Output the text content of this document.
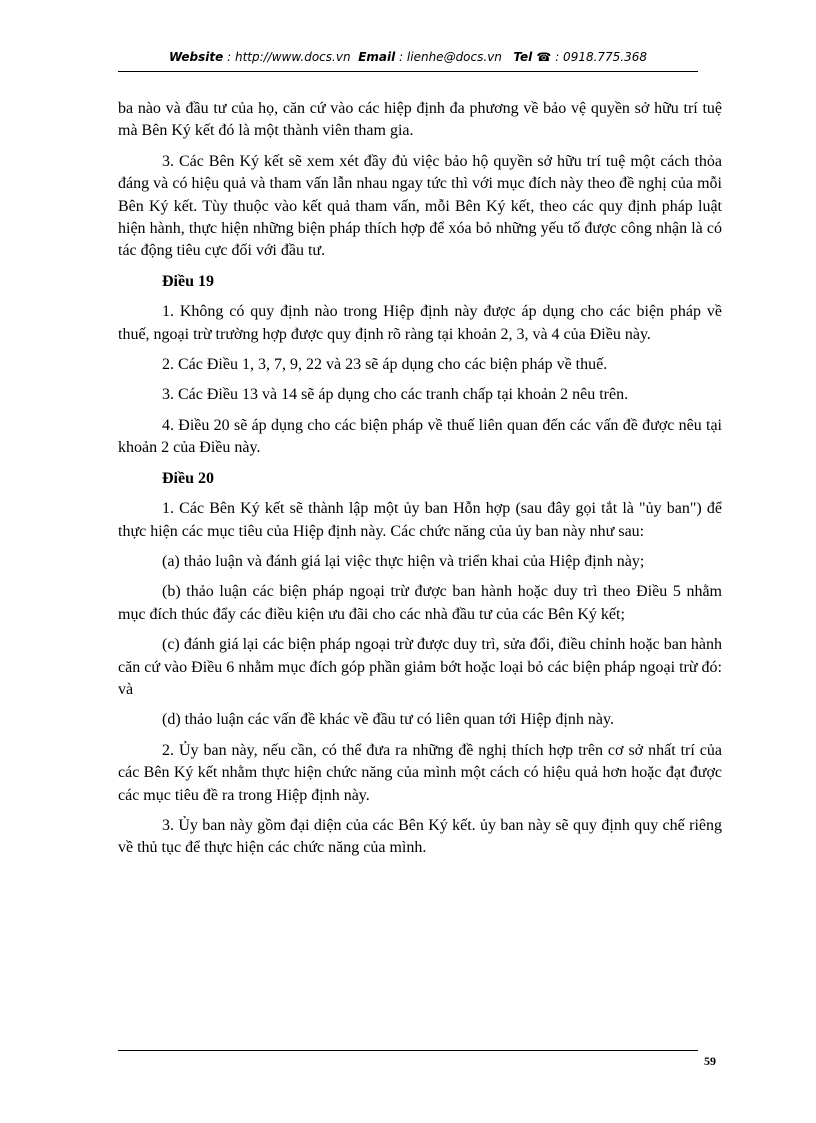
Website : http://www.docs.vn Email : lienhe@docs.vn Tel ☎ : 0918.775.368

ba nào và đầu tư của họ, căn cứ vào các hiệp định đa phương về bảo vệ quyền sở hữu trí tuệ mà Bên Ký kết đó là một thành viên tham gia.

3. Các Bên Ký kết sẽ xem xét đầy đủ việc bảo hộ quyền sở hữu trí tuệ một cách thỏa đáng và có hiệu quả và tham vấn lẫn nhau ngay tức thì với mục đích này theo đề nghị của mỗi Bên Ký kết. Tùy thuộc vào kết quả tham vấn, mỗi Bên Ký kết, theo các quy định pháp luật hiện hành, thực hiện những biện pháp thích hợp để xóa bỏ những yếu tố được công nhận là có tác động tiêu cực đối với đầu tư.

Điều 19

1. Không có quy định nào trong Hiệp định này được áp dụng cho các biện pháp về thuế, ngoại trừ trường hợp được quy định rõ ràng tại khoản 2, 3, và 4 của Điều này.

2. Các Điều 1, 3, 7, 9, 22 và 23 sẽ áp dụng cho các biện pháp về thuế.

3. Các Điều 13 và 14 sẽ áp dụng cho các tranh chấp tại khoản 2 nêu trên.

4. Điều 20 sẽ áp dụng cho các biện pháp về thuế liên quan đến các vấn đề được nêu tại khoản 2 của Điều này.

Điều 20

1. Các Bên Ký kết sẽ thành lập một ủy ban Hỗn hợp (sau đây gọi tắt là "ủy ban") để thực hiện các mục tiêu của Hiệp định này. Các chức năng của ủy ban này như sau:

(a) thảo luận và đánh giá lại việc thực hiện và triển khai của Hiệp định này;

(b) thảo luận các biện pháp ngoại trừ được ban hành hoặc duy trì theo Điều 5 nhằm mục đích thúc đẩy các điều kiện ưu đãi cho các nhà đầu tư của các Bên Ký kết;

(c) đánh giá lại các biện pháp ngoại trừ được duy trì, sửa đổi, điều chỉnh hoặc ban hành căn cứ vào Điều 6 nhằm mục đích góp phần giảm bớt hoặc loại bỏ các biện pháp ngoại trừ đó: và

(d) thảo luận các vấn đề khác về đầu tư có liên quan tới Hiệp định này.

2. Ủy ban này, nếu cần, có thể đưa ra những đề nghị thích hợp trên cơ sở nhất trí của các Bên Ký kết nhằm thực hiện chức năng của mình một cách có hiệu quả hơn hoặc đạt được các mục tiêu đề ra trong Hiệp định này.

3. Ủy ban này gồm đại diện của các Bên Ký kết. ủy ban này sẽ quy định quy chế riêng về thủ tục để thực hiện các chức năng của mình.

59
